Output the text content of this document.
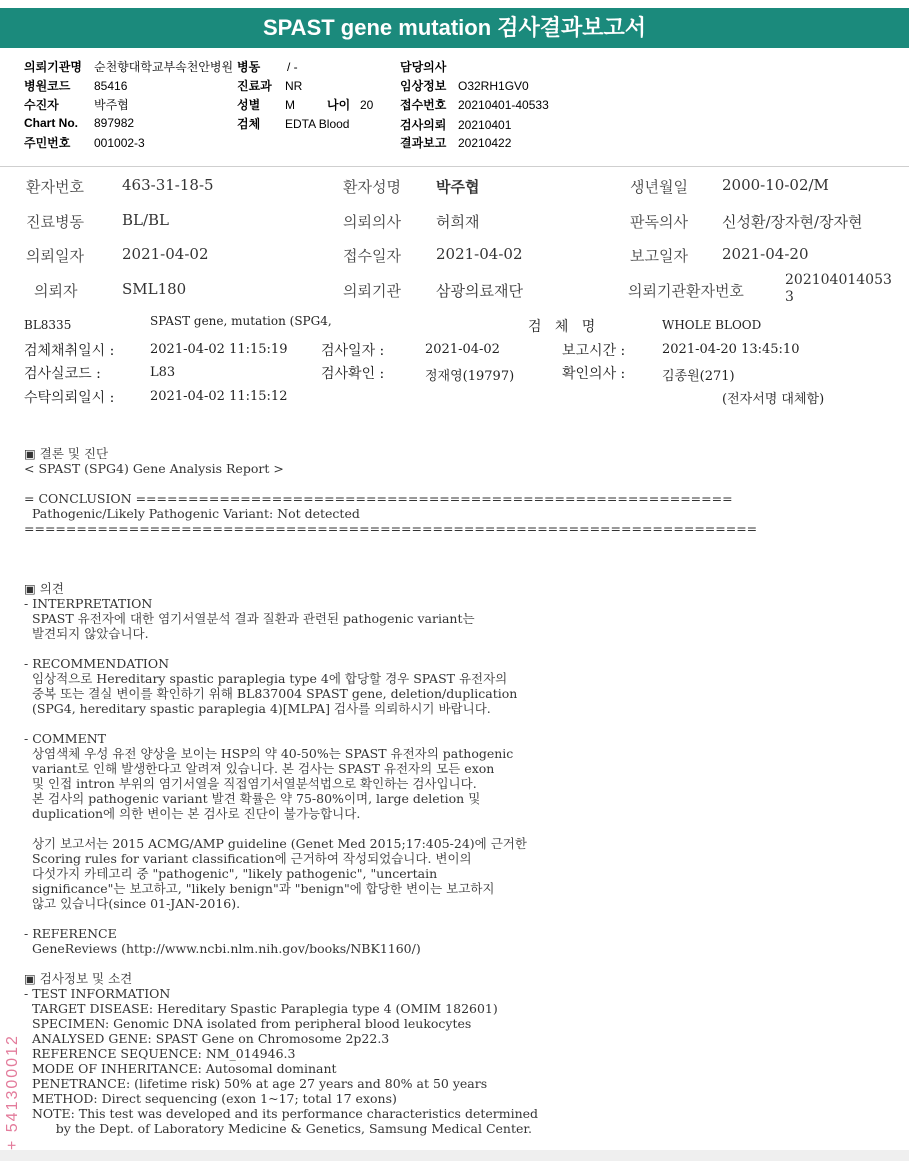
SPAST gene mutation 검사결과보고서
의뢰기관명 순천향대학교부속천안병원
병원코드 85416
수진자	박주협
Chart No. 897982
주민번호 001002-3
병동 / -
진료과 NR
성별 M	나이 20
검체 EDTA Blood
담당의사
임상정보 O32RH1GV0
접수번호 20210401-40533
검사의뢰 20210401
결과보고 20210422
환자번호	463-31-18-5	환자성명 박주협	생년월일 2000-10-02/M
진료병동	BL/BL	의뢰의사 허희재	판독의사 신성환/장자현/장자현
의뢰일자	2021-04-02	접수일자 2021-04-02	보고일자 2021-04-20
의뢰자	SML180	의뢰기관 삼광의료재단	의뢰기관환자번호
202104014053
3
BL8335	SPAST gene, mutation (SPG4,	검   체   명	WHOLE BLOOD
검체채취일시 :	2021-04-02 11:15:19 검사일자 :	2021-04-02	보고시간 :	2021-04-20 13:45:10
검사실코드 :	L83	검사확인 :	정재영(19797)	확인의사 :	김종원(271)
수탁의뢰일시 :	2021-04-02 11:15:12	(전자서명 대체함)
▣ 결론 및 진단
< SPAST (SPG4) Gene Analysis Report >

= CONCLUSION =========================================================
Pathogenic/Likely Pathogenic Variant: Not detected
======================================================================

▣ 의견
- INTERPRETATION
SPAST 유전자에 대한 염기서열분석 결과 질환과 관련된 pathogenic variant는
발견되지 않았습니다.

- RECOMMENDATION
임상적으로 Hereditary spastic paraplegia type 4에 합당할 경우 SPAST 유전자의
중복 또는 결실 변이를 확인하기 위해 BL837004 SPAST gene, deletion/duplication
(SPG4, hereditary spastic paraplegia 4)[MLPA] 검사를 의뢰하시기 바랍니다.

- COMMENT
상염색체 우성 유전 양상을 보이는 HSP의 약 40-50%는 SPAST 유전자의 pathogenic
variant로 인해 발생한다고 알려져 있습니다. 본 검사는 SPAST 유전자의 모든 exon
및 인접 intron 부위의 염기서열을 직접염기서열분석법으로 확인하는 검사입니다.
본 검사의 pathogenic variant 발견 확률은 약 75-80%이며, large deletion 및
duplication에 의한 변이는 본 검사로 진단이 불가능합니다.

상기 보고서는 2015 ACMG/AMP guideline (Genet Med 2015;17:405-24)에 근거한
Scoring rules for variant classification에 근거하여 작성되었습니다. 변이의
다섯가지 카테고리 중 "pathogenic", "likely pathogenic", "uncertain
significance"는 보고하고, "likely benign"과 "benign"에 합당한 변이는 보고하지
않고 있습니다(since 01-JAN-2016).

- REFERENCE
GeneReviews (http://www.ncbi.nlm.nih.gov/books/NBK1160/)

▣ 검사정보 및 소견
- TEST INFORMATION
TARGET DISEASE: Hereditary Spastic Paraplegia type 4 (OMIM 182601)
SPECIMEN: Genomic DNA isolated from peripheral blood leukocytes
ANALYSED GENE: SPAST Gene on Chromosome 2p22.3
REFERENCE SEQUENCE: NM_014946.3
MODE OF INHERITANCE: Autosomal dominant
PENETRANCE: (lifetime risk) 50% at age 27 years and 80% at 50 years
METHOD: Direct sequencing (exon 1~17; total 17 exons)
NOTE: This test was developed and its performance characteristics determined
by the Dept. of Laboratory Medicine & Genetics, Samsung Medical Center.
+ 541300012
